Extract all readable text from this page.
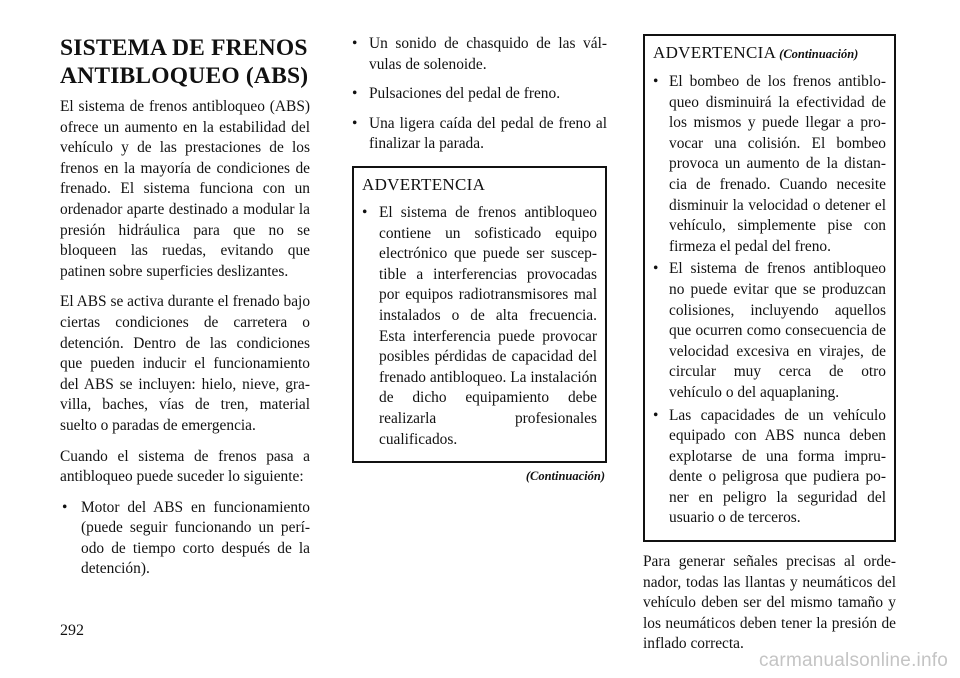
SISTEMA DE FRENOS
ANTIBLOQUEO (ABS)

El sistema de frenos antibloqueo (ABS) ofrece un aumento en la estabilidad del vehículo y de las prestaciones de los frenos en la mayoría de condiciones de frenado. El sistema funciona con un ordenador aparte destinado a modular la presión hidráulica para que no se bloqueen las ruedas, evitando que patinen sobre superficies deslizantes.

El ABS se activa durante el frenado bajo ciertas condiciones de carretera o detención. Dentro de las condiciones que pueden inducir el funcionamiento del ABS se incluyen: hielo, nieve, gravilla, baches, vías de tren, material suelto o paradas de emergencia.

Cuando el sistema de frenos pasa a antibloqueo puede suceder lo siguiente:

• Motor del ABS en funcionamiento (puede seguir funcionando un período de tiempo corto después de la detención).
• Un sonido de chasquido de las válvulas de solenoide.
• Pulsaciones del pedal de freno.
• Una ligera caída del pedal de freno al finalizar la parada.
ADVERTENCIA
• El sistema de frenos antibloqueo contiene un sofisticado equipo electrónico que puede ser susceptible a interferencias provocadas por equipos radiotransmisores mal instalados o de alta frecuencia. Esta interferencia puede provocar posibles pérdidas de capacidad del frenado antibloqueo. La instalación de dicho equipamiento debe realizarla profesionales cualificados.
(Continuación)
ADVERTENCIA (Continuación)
• El bombeo de los frenos antibloqueo disminuirá la efectividad de los mismos y puede llegar a provocar una colisión. El bombeo provoca un aumento de la distancia de frenado. Cuando necesite disminuir la velocidad o detener el vehículo, simplemente pise con firmeza el pedal del freno.
• El sistema de frenos antibloqueo no puede evitar que se produzcan colisiones, incluyendo aquellos que ocurren como consecuencia de velocidad excesiva en virajes, de circular muy cerca de otro vehículo o del aquaplaning.
• Las capacidades de un vehículo equipado con ABS nunca deben explotarse de una forma imprudente o peligrosa que pudiera poner en peligro la seguridad del usuario o de terceros.

Para generar señales precisas al ordenador, todas las llantas y neumáticos del vehículo deben ser del mismo tamaño y los neumáticos deben tener la presión de inflado correcta.

292
carmanualsonline.info
